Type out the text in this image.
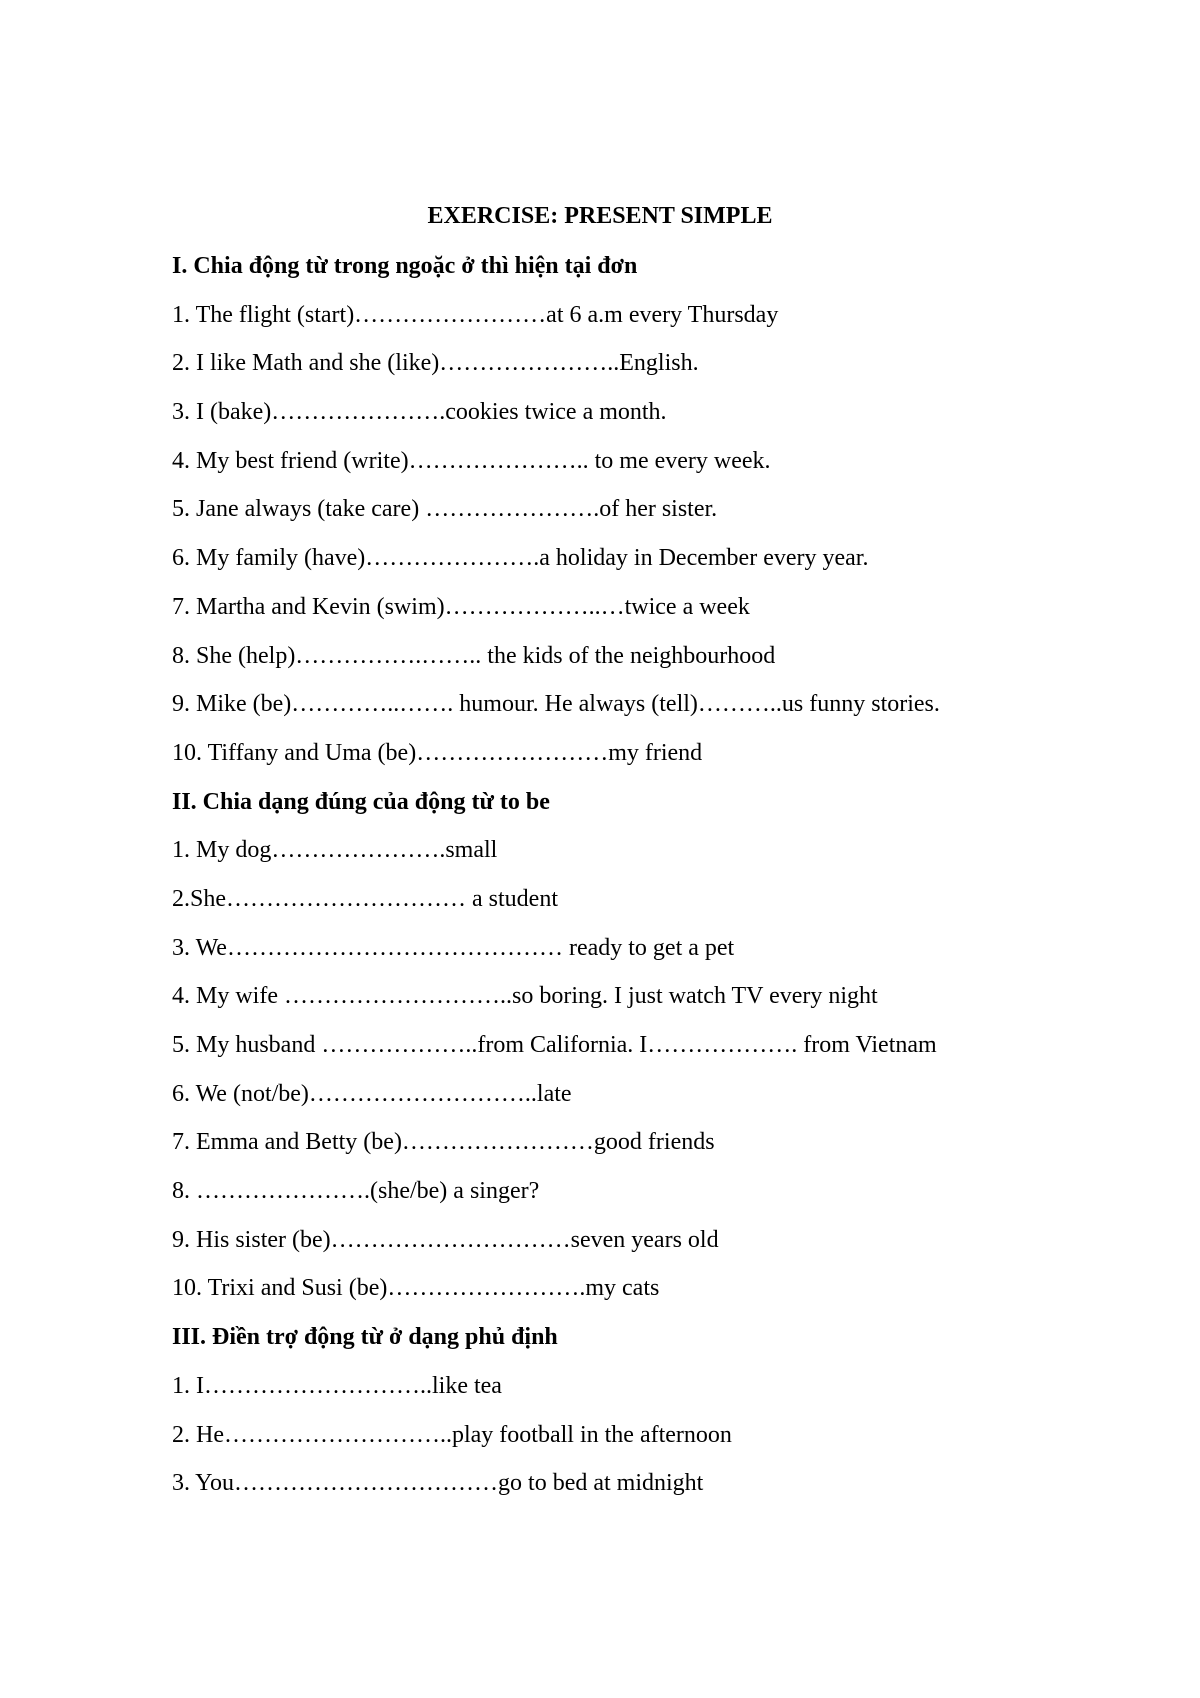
EXERCISE: PRESENT SIMPLE
I. Chia động từ trong ngoặc ở thì hiện tại đơn
1. The flight (start)……………………at 6 a.m every Thursday
2. I like Math and she (like)…………………..English.
3. I (bake)………………….cookies twice a month.
4. My best friend (write)………………….. to me every week.
5. Jane always (take care) ………………….of her sister.
6. My family (have)………………….a holiday in December every year.
7. Martha and Kevin (swim)………………..…twice a week
8. She (help)…………….…….. the kids of the neighbourhood
9. Mike (be)…………..……. humour. He always (tell)………..us funny stories.
10. Tiffany and Uma (be)……………………my friend
II. Chia dạng đúng của động từ to be
1. My dog………………….small
2.She………………………… a student
3. We…………………………………… ready to get a pet
4. My wife ………………………..so boring. I just watch TV every night
5. My husband ………………..from California. I………………. from Vietnam
6. We (not/be)………………………..late
7. Emma and Betty (be)……………………good friends
8. ………………….(she/be) a singer?
9. His sister (be)…………………………seven years old
10. Trixi and Susi (be)…………………….my cats
III. Điền trợ động từ ở dạng phủ định
1. I………………………..like tea
2. He………………………..play football in the afternoon
3. You……………………………go to bed at midnight
